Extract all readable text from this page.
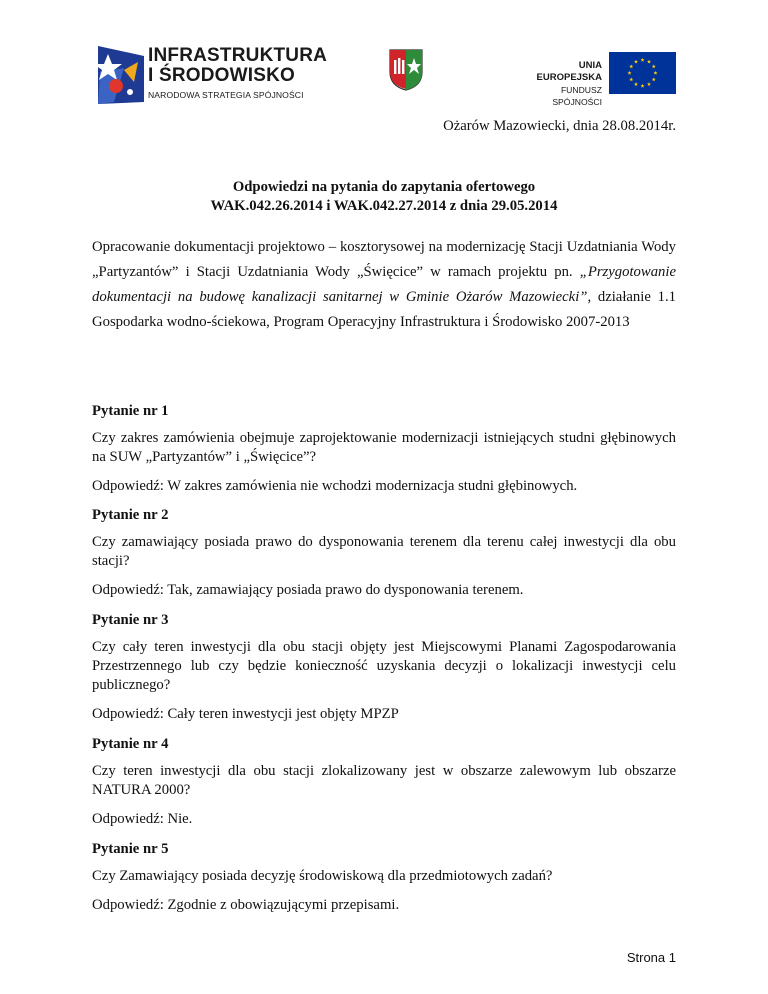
INFRASTRUKTURA
I ŚRODOWISKO
NARODOWA STRATEGIA SPÓJNOŚCI
UNIA EUROPEJSKA
FUNDUSZ SPÓJNOŚCI
Ożarów Mazowiecki, dnia 28.08.2014r.
Odpowiedzi na pytania do zapytania ofertowego
WAK.042.26.2014 i WAK.042.27.2014 z dnia 29.05.2014
Opracowanie dokumentacji projektowo – kosztorysowej na modernizację Stacji Uzdatniania Wody „Partyzantów” i Stacji Uzdatniania Wody „Święcice” w ramach projektu pn. „Przygotowanie dokumentacji na budowę kanalizacji sanitarnej w Gminie Ożarów Mazowiecki”, działanie 1.1 Gospodarka wodno-ściekowa, Program Operacyjny Infrastruktura i Środowisko 2007-2013

Pytanie nr 1

Czy zakres zamówienia obejmuje zaprojektowanie modernizacji istniejących studni głębinowych na SUW „Partyzantów” i „Święcice”?

Odpowiedź: W zakres zamówienia nie wchodzi modernizacja studni głębinowych.

Pytanie nr 2

Czy zamawiający posiada prawo do dysponowania terenem dla terenu całej inwestycji dla obu stacji?

Odpowiedź: Tak, zamawiający posiada prawo do dysponowania terenem.

Pytanie nr 3

Czy cały teren inwestycji dla obu stacji objęty jest Miejscowymi Planami Zagospodarowania Przestrzennego lub czy będzie konieczność uzyskania decyzji o lokalizacji inwestycji celu publicznego?

Odpowiedź: Cały teren inwestycji jest objęty MPZP

Pytanie nr 4

Czy teren inwestycji dla obu stacji zlokalizowany jest w obszarze zalewowym lub obszarze NATURA 2000?

Odpowiedź: Nie.

Pytanie nr 5

Czy Zamawiający posiada decyzję środowiskową dla przedmiotowych zadań?

Odpowiedź: Zgodnie z obowiązującymi przepisami.

Strona 1
